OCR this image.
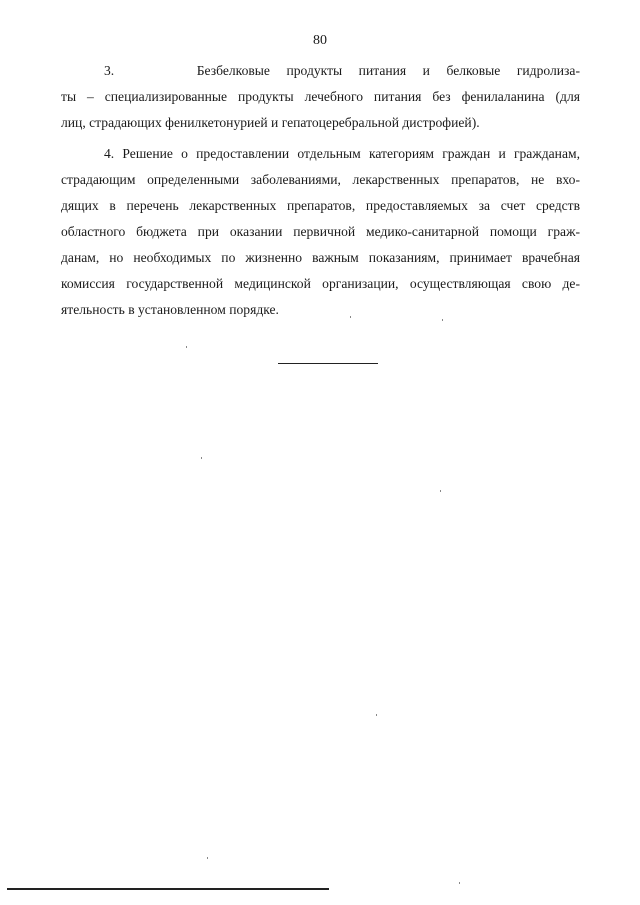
80
3.     Безбелковые продукты питания и белковые гидролиза-
ты – специализированные продукты лечебного питания без фенилаланина (для
лиц, страдающих фенилкетонурией и гепатоцеребральной дистрофией).
4. Решение о предоставлении отдельным категориям граждан и гражданам,
страдающим определенными заболеваниями, лекарственных препаратов, не вхо-
дящих в перечень лекарственных препаратов, предоставляемых за счет средств
областного бюджета при оказании первичной медико-санитарной помощи граж-
данам, но необходимых по жизненно важным показаниям, принимает врачебная
комиссия государственной медицинской организации, осуществляющая свою де-
ятельность в установленном порядке.
